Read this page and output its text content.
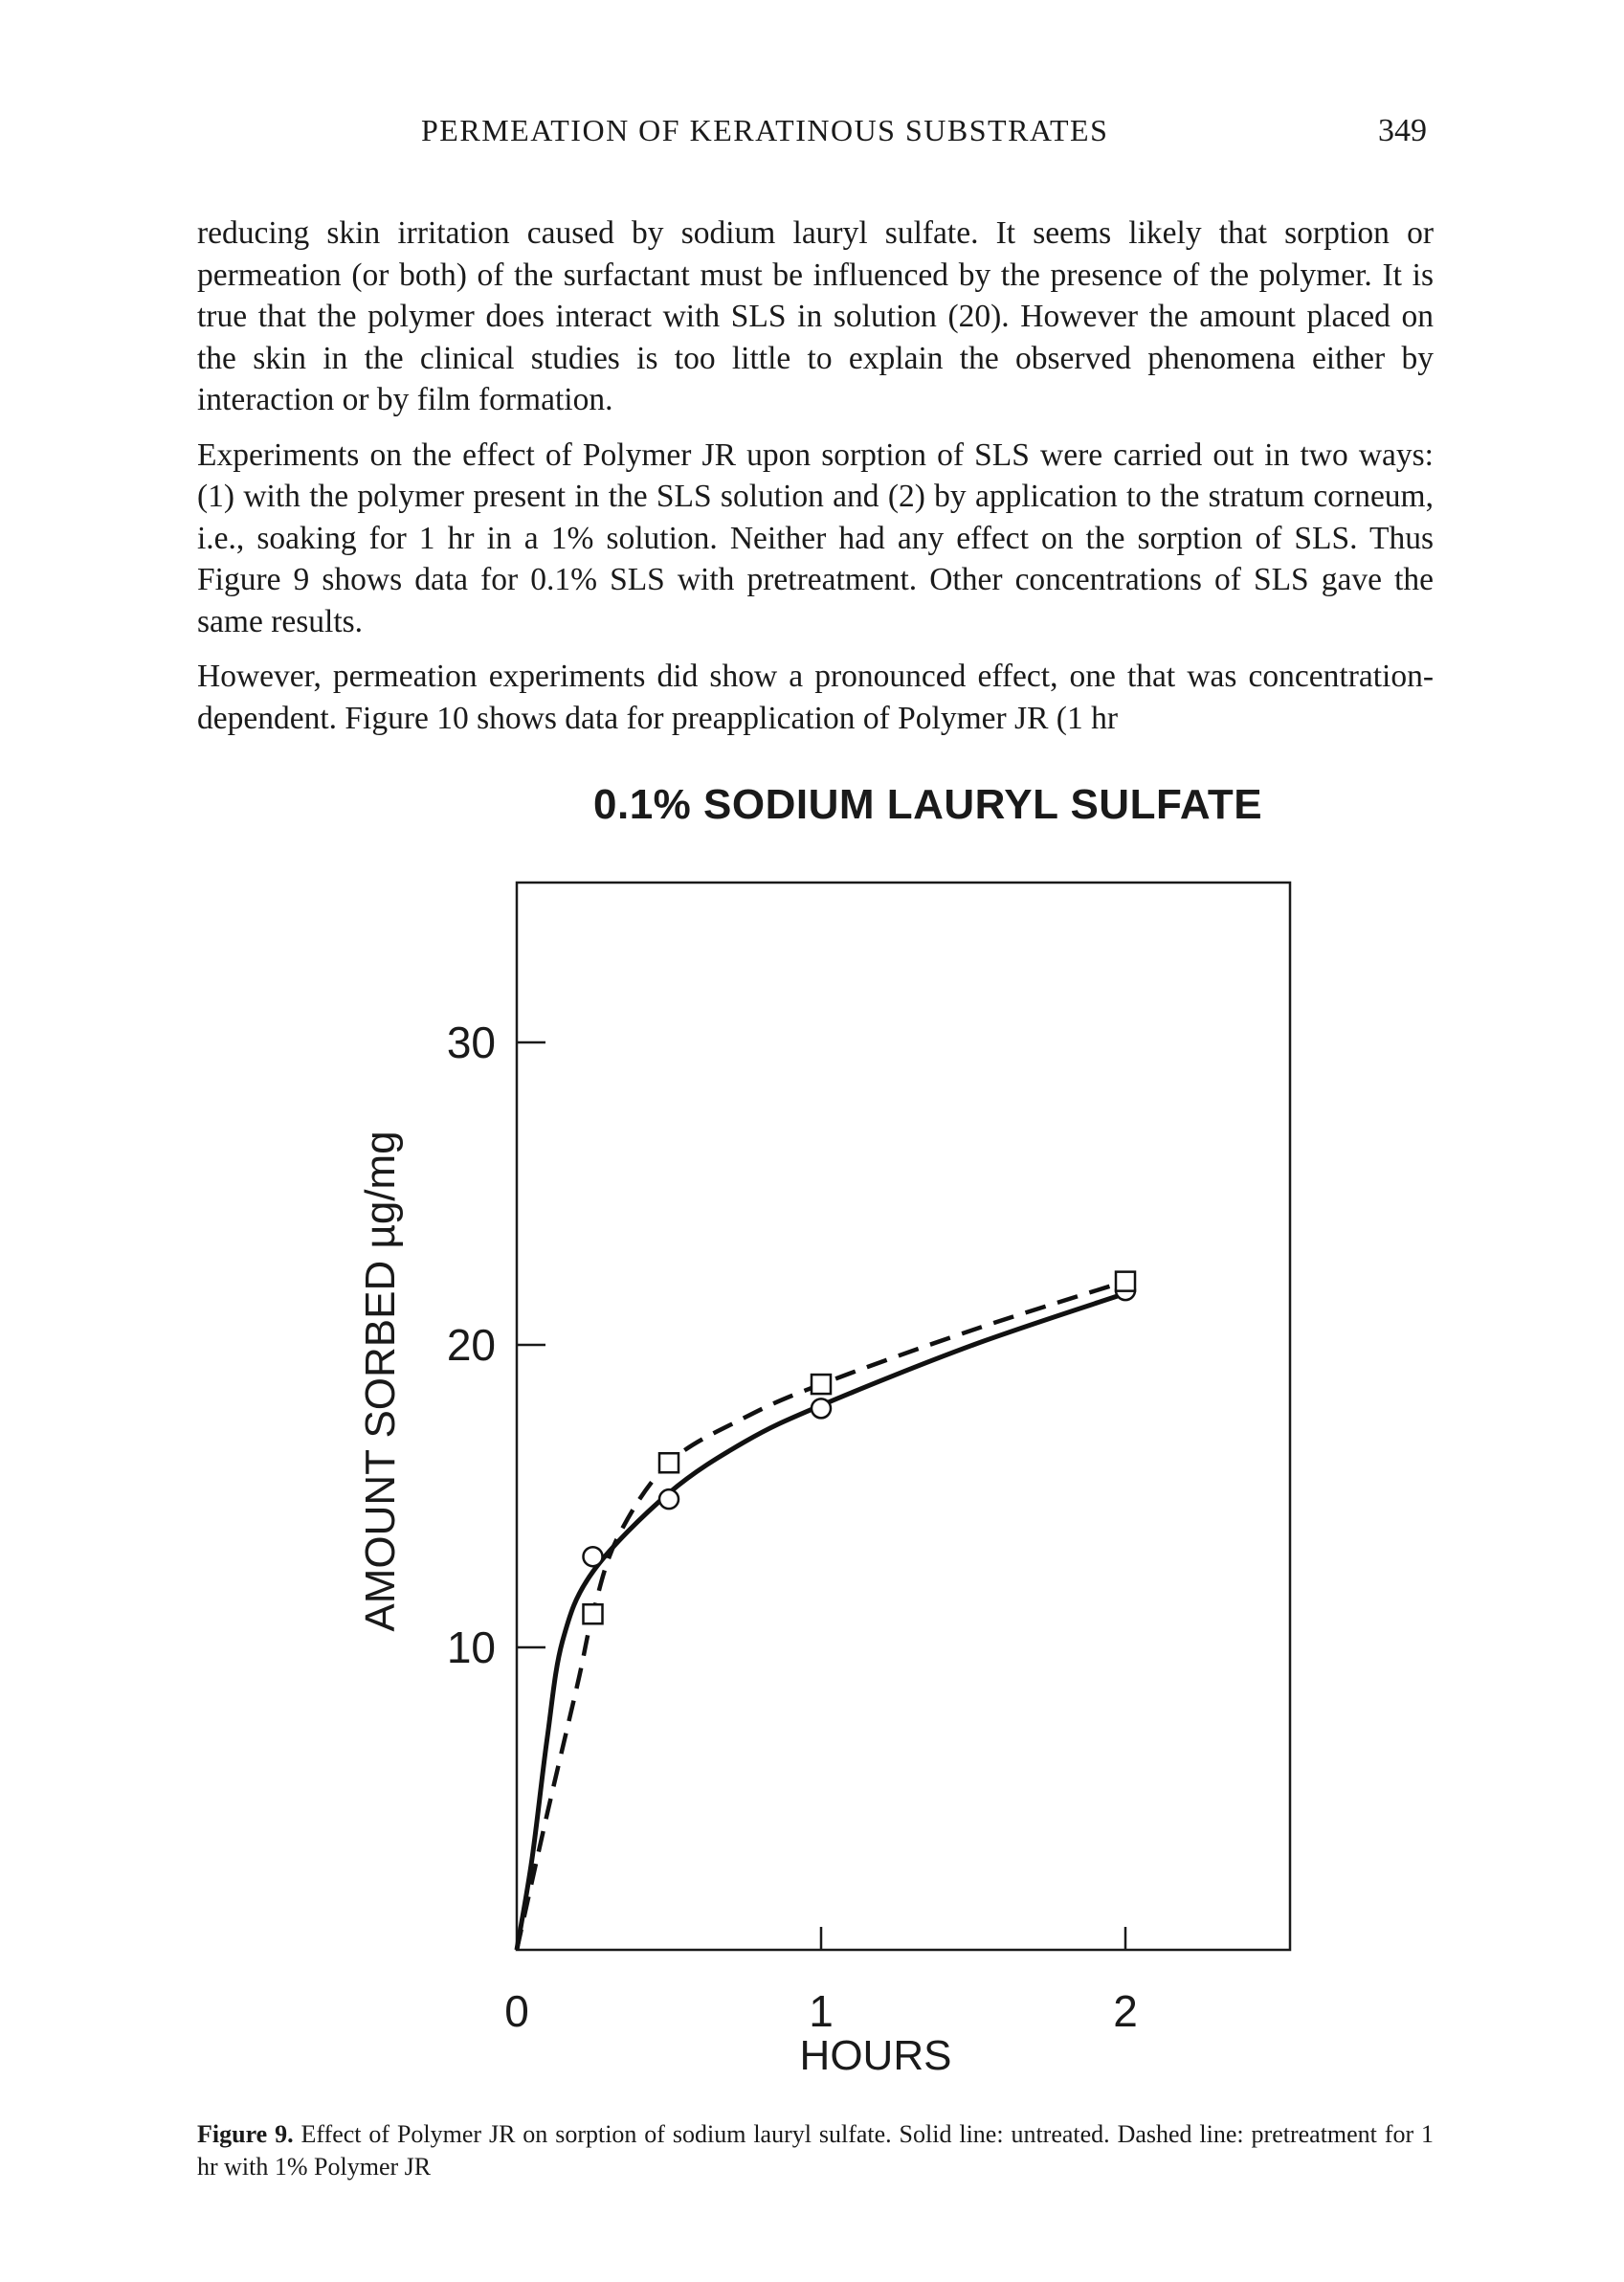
PERMEATION OF KERATINOUS SUBSTRATES	349

reducing skin irritation caused by sodium lauryl sulfate. It seems likely that sorption or permeation (or both) of the surfactant must be influenced by the presence of the polymer. It is true that the polymer does interact with SLS in solution (20). However the amount placed on the skin in the clinical studies is too little to explain the observed phenomena either by interaction or by film formation.

Experiments on the effect of Polymer JR upon sorption of SLS were carried out in two ways: (1) with the polymer present in the SLS solution and (2) by application to the stratum corneum, i.e., soaking for 1 hr in a 1% solution. Neither had any effect on the sorption of SLS. Thus Figure 9 shows data for 0.1% SLS with pretreatment. Other concentrations of SLS gave the same results.

However, permeation experiments did show a pronounced effect, one that was concentration-dependent. Figure 10 shows data for preapplication of Polymer JR (1 hr

0.1% SODIUM LAURYL SULFATE
10
20
30
0	1	2
HOURS
AMOUNT SORBED µg/mg
Figure 9. Effect of Polymer JR on sorption of sodium lauryl sulfate. Solid line: untreated. Dashed line: pretreatment for 1 hr with 1% Polymer JR
